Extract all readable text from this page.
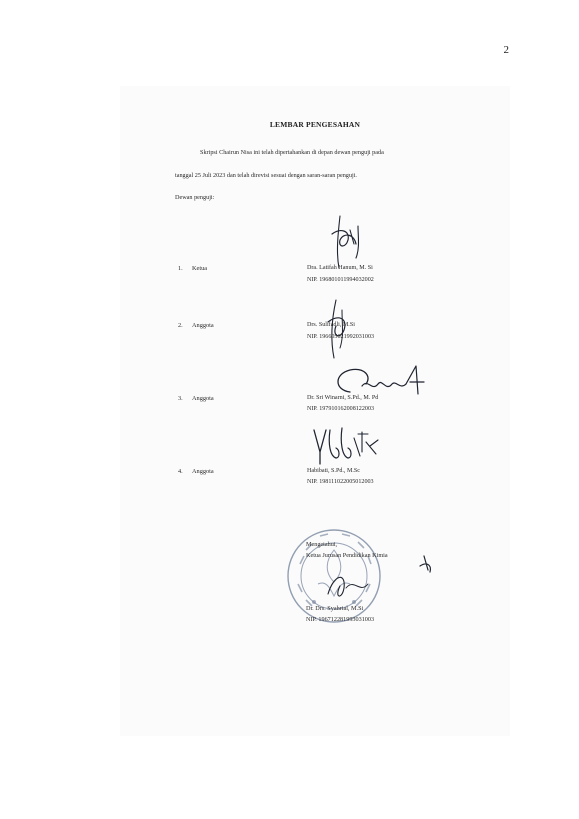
2
LEMBAR PENGESAHAN
Skripsi Chairun Nisa ini telah dipertahankan di depan dewan penguji pada
tanggal 25 Juli 2023 dan telah direvisi sesuai dengan saran-saran penguji.
Dewan penguji:
1. Ketua	Dra. Latifah Hanum, M. Si
NIP. 196801011994032002
2. Anggota	Drs. Sulifadli, M.Si
NIP. 196605021992031003
3. Anggota	Dr. Sri Winarni, S.Pd., M. Pd
NIP. 197910162008122003
4. Anggota	Habibati, S.Pd., M.Sc
NIP. 198111022005012003
Mengetahui,
Ketua Jurusan Pendidikan Kimia
Dr. Drs. Syahrial, M.Si
NIP. 196712281993031003
